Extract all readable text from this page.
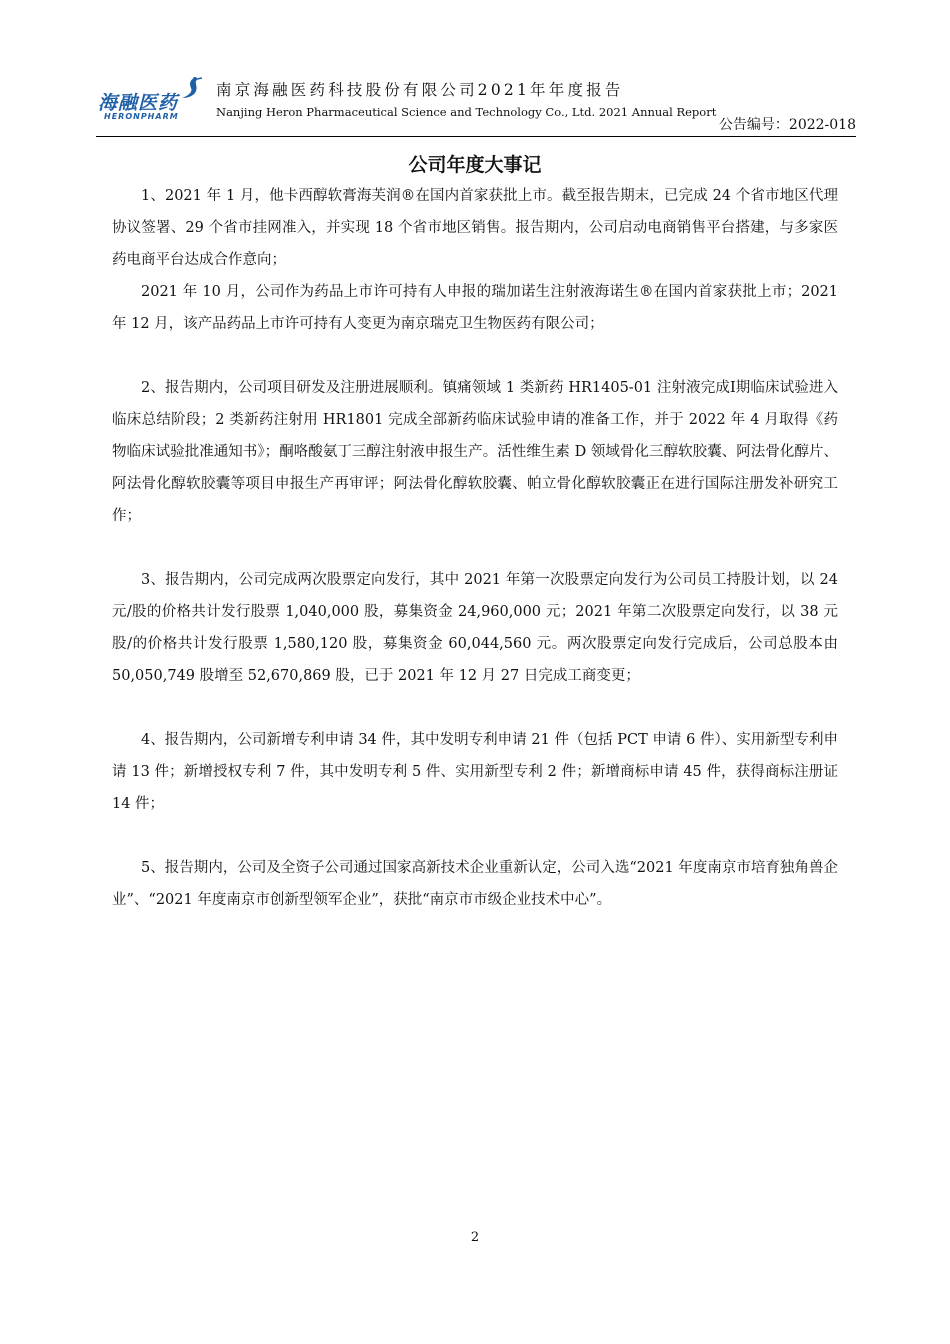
海融医药
HERONPHARM
南京海融医药科技股份有限公司2021年年度报告
Nanjing Heron Pharmaceutical Science and Technology Co., Ltd. 2021 Annual Report
公告编号：2022-018
公司年度大事记

1、2021 年 1 月，他卡西醇软膏海芙润®在国内首家获批上市。截至报告期末，已完成 24 个省市地区代理协议签署、29 个省市挂网准入，并实现 18 个省市地区销售。报告期内，公司启动电商销售平台搭建，与多家医药电商平台达成合作意向；

2021 年 10 月，公司作为药品上市许可持有人申报的瑞加诺生注射液海诺生®在国内首家获批上市；2021 年 12 月，该产品药品上市许可持有人变更为南京瑞克卫生物医药有限公司；

2、报告期内，公司项目研发及注册进展顺利。镇痛领域 1 类新药 HR1405-01 注射液完成I期临床试验进入临床总结阶段；2 类新药注射用 HR1801 完成全部新药临床试验申请的准备工作，并于 2022 年 4 月取得《药物临床试验批准通知书》；酮咯酸氨丁三醇注射液申报生产。活性维生素 D 领域骨化三醇软胶囊、阿法骨化醇片、阿法骨化醇软胶囊等项目申报生产再审评；阿法骨化醇软胶囊、帕立骨化醇软胶囊正在进行国际注册发补研究工作；

3、报告期内，公司完成两次股票定向发行，其中 2021 年第一次股票定向发行为公司员工持股计划，以 24 元/股的价格共计发行股票 1,040,000 股，募集资金 24,960,000 元；2021 年第二次股票定向发行，以 38 元股/的价格共计发行股票 1,580,120 股，募集资金 60,044,560 元。两次股票定向发行完成后，公司总股本由 50,050,749 股增至 52,670,869 股，已于 2021 年 12 月 27 日完成工商变更；

4、报告期内，公司新增专利申请 34 件，其中发明专利申请 21 件（包括 PCT 申请 6 件）、实用新型专利申请 13 件；新增授权专利 7 件，其中发明专利 5 件、实用新型专利 2 件；新增商标申请 45 件，获得商标注册证 14 件；

5、报告期内，公司及全资子公司通过国家高新技术企业重新认定，公司入选“2021 年度南京市培育独角兽企业”、“2021 年度南京市创新型领军企业”，获批“南京市市级企业技术中心”。

2
